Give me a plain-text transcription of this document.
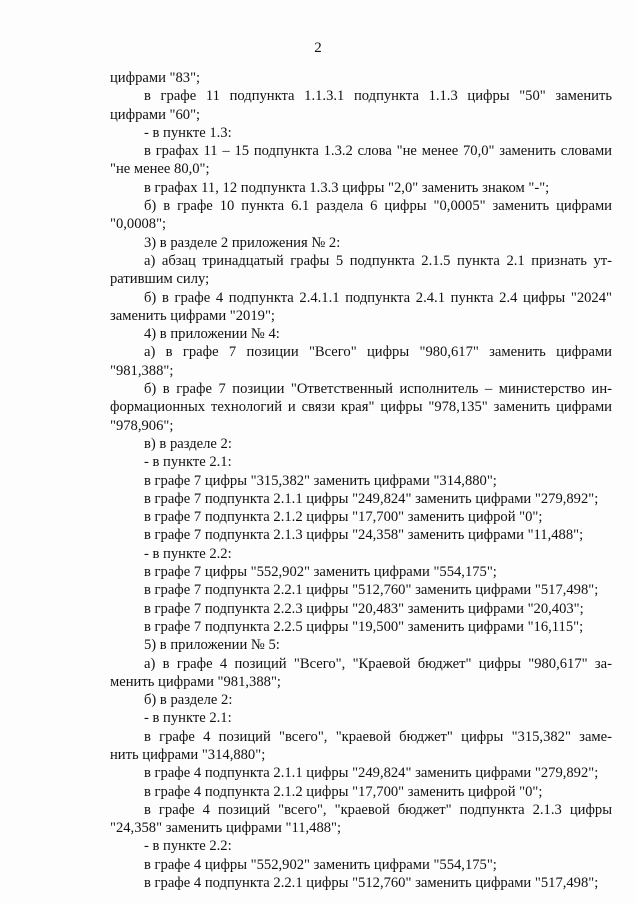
2
цифрами "83";
в графе 11 подпункта 1.1.3.1 подпункта 1.1.3 цифры "50" заменить
цифрами "60";
- в пункте 1.3:
в графах 11 – 15 подпункта 1.3.2 слова "не менее 70,0" заменить словами
"не менее 80,0";
в графах 11, 12 подпункта 1.3.3 цифры "2,0" заменить знаком "-";
б) в графе 10 пункта 6.1 раздела 6 цифры "0,0005" заменить цифрами
"0,0008";
3) в разделе 2 приложения № 2:
а) абзац тринадцатый графы 5 подпункта 2.1.5 пункта 2.1 признать ут-
ратившим силу;
б) в графе 4 подпункта 2.4.1.1 подпункта 2.4.1 пункта 2.4 цифры "2024"
заменить цифрами "2019";
4) в приложении № 4:
а) в графе 7 позиции "Всего" цифры "980,617" заменить цифрами
"981,388";
б) в графе 7 позиции "Ответственный исполнитель – министерство ин-
формационных технологий и связи края" цифры "978,135" заменить цифрами
"978,906";
в) в разделе 2:
- в пункте 2.1:
в графе 7 цифры "315,382" заменить цифрами "314,880";
в графе 7 подпункта 2.1.1 цифры "249,824" заменить цифрами "279,892";
в графе 7 подпункта 2.1.2 цифры "17,700" заменить цифрой "0";
в графе 7 подпункта 2.1.3 цифры "24,358" заменить цифрами "11,488";
- в пункте 2.2:
в графе 7 цифры "552,902" заменить цифрами "554,175";
в графе 7 подпункта 2.2.1 цифры "512,760" заменить цифрами "517,498";
в графе 7 подпункта 2.2.3 цифры "20,483" заменить цифрами "20,403";
в графе 7 подпункта 2.2.5 цифры "19,500" заменить цифрами "16,115";
5) в приложении № 5:
а) в графе 4 позиций "Всего", "Краевой бюджет" цифры "980,617" за-
менить цифрами "981,388";
б) в разделе 2:
- в пункте 2.1:
в графе 4 позиций "всего", "краевой бюджет" цифры "315,382" заме-
нить цифрами "314,880";
в графе 4 подпункта 2.1.1 цифры "249,824" заменить цифрами "279,892";
в графе 4 подпункта 2.1.2 цифры "17,700" заменить цифрой "0";
в графе 4 позиций "всего", "краевой бюджет" подпункта 2.1.3 цифры
"24,358" заменить цифрами "11,488";
- в пункте 2.2:
в графе 4 цифры "552,902" заменить цифрами "554,175";
в графе 4 подпункта 2.2.1 цифры "512,760" заменить цифрами "517,498";
